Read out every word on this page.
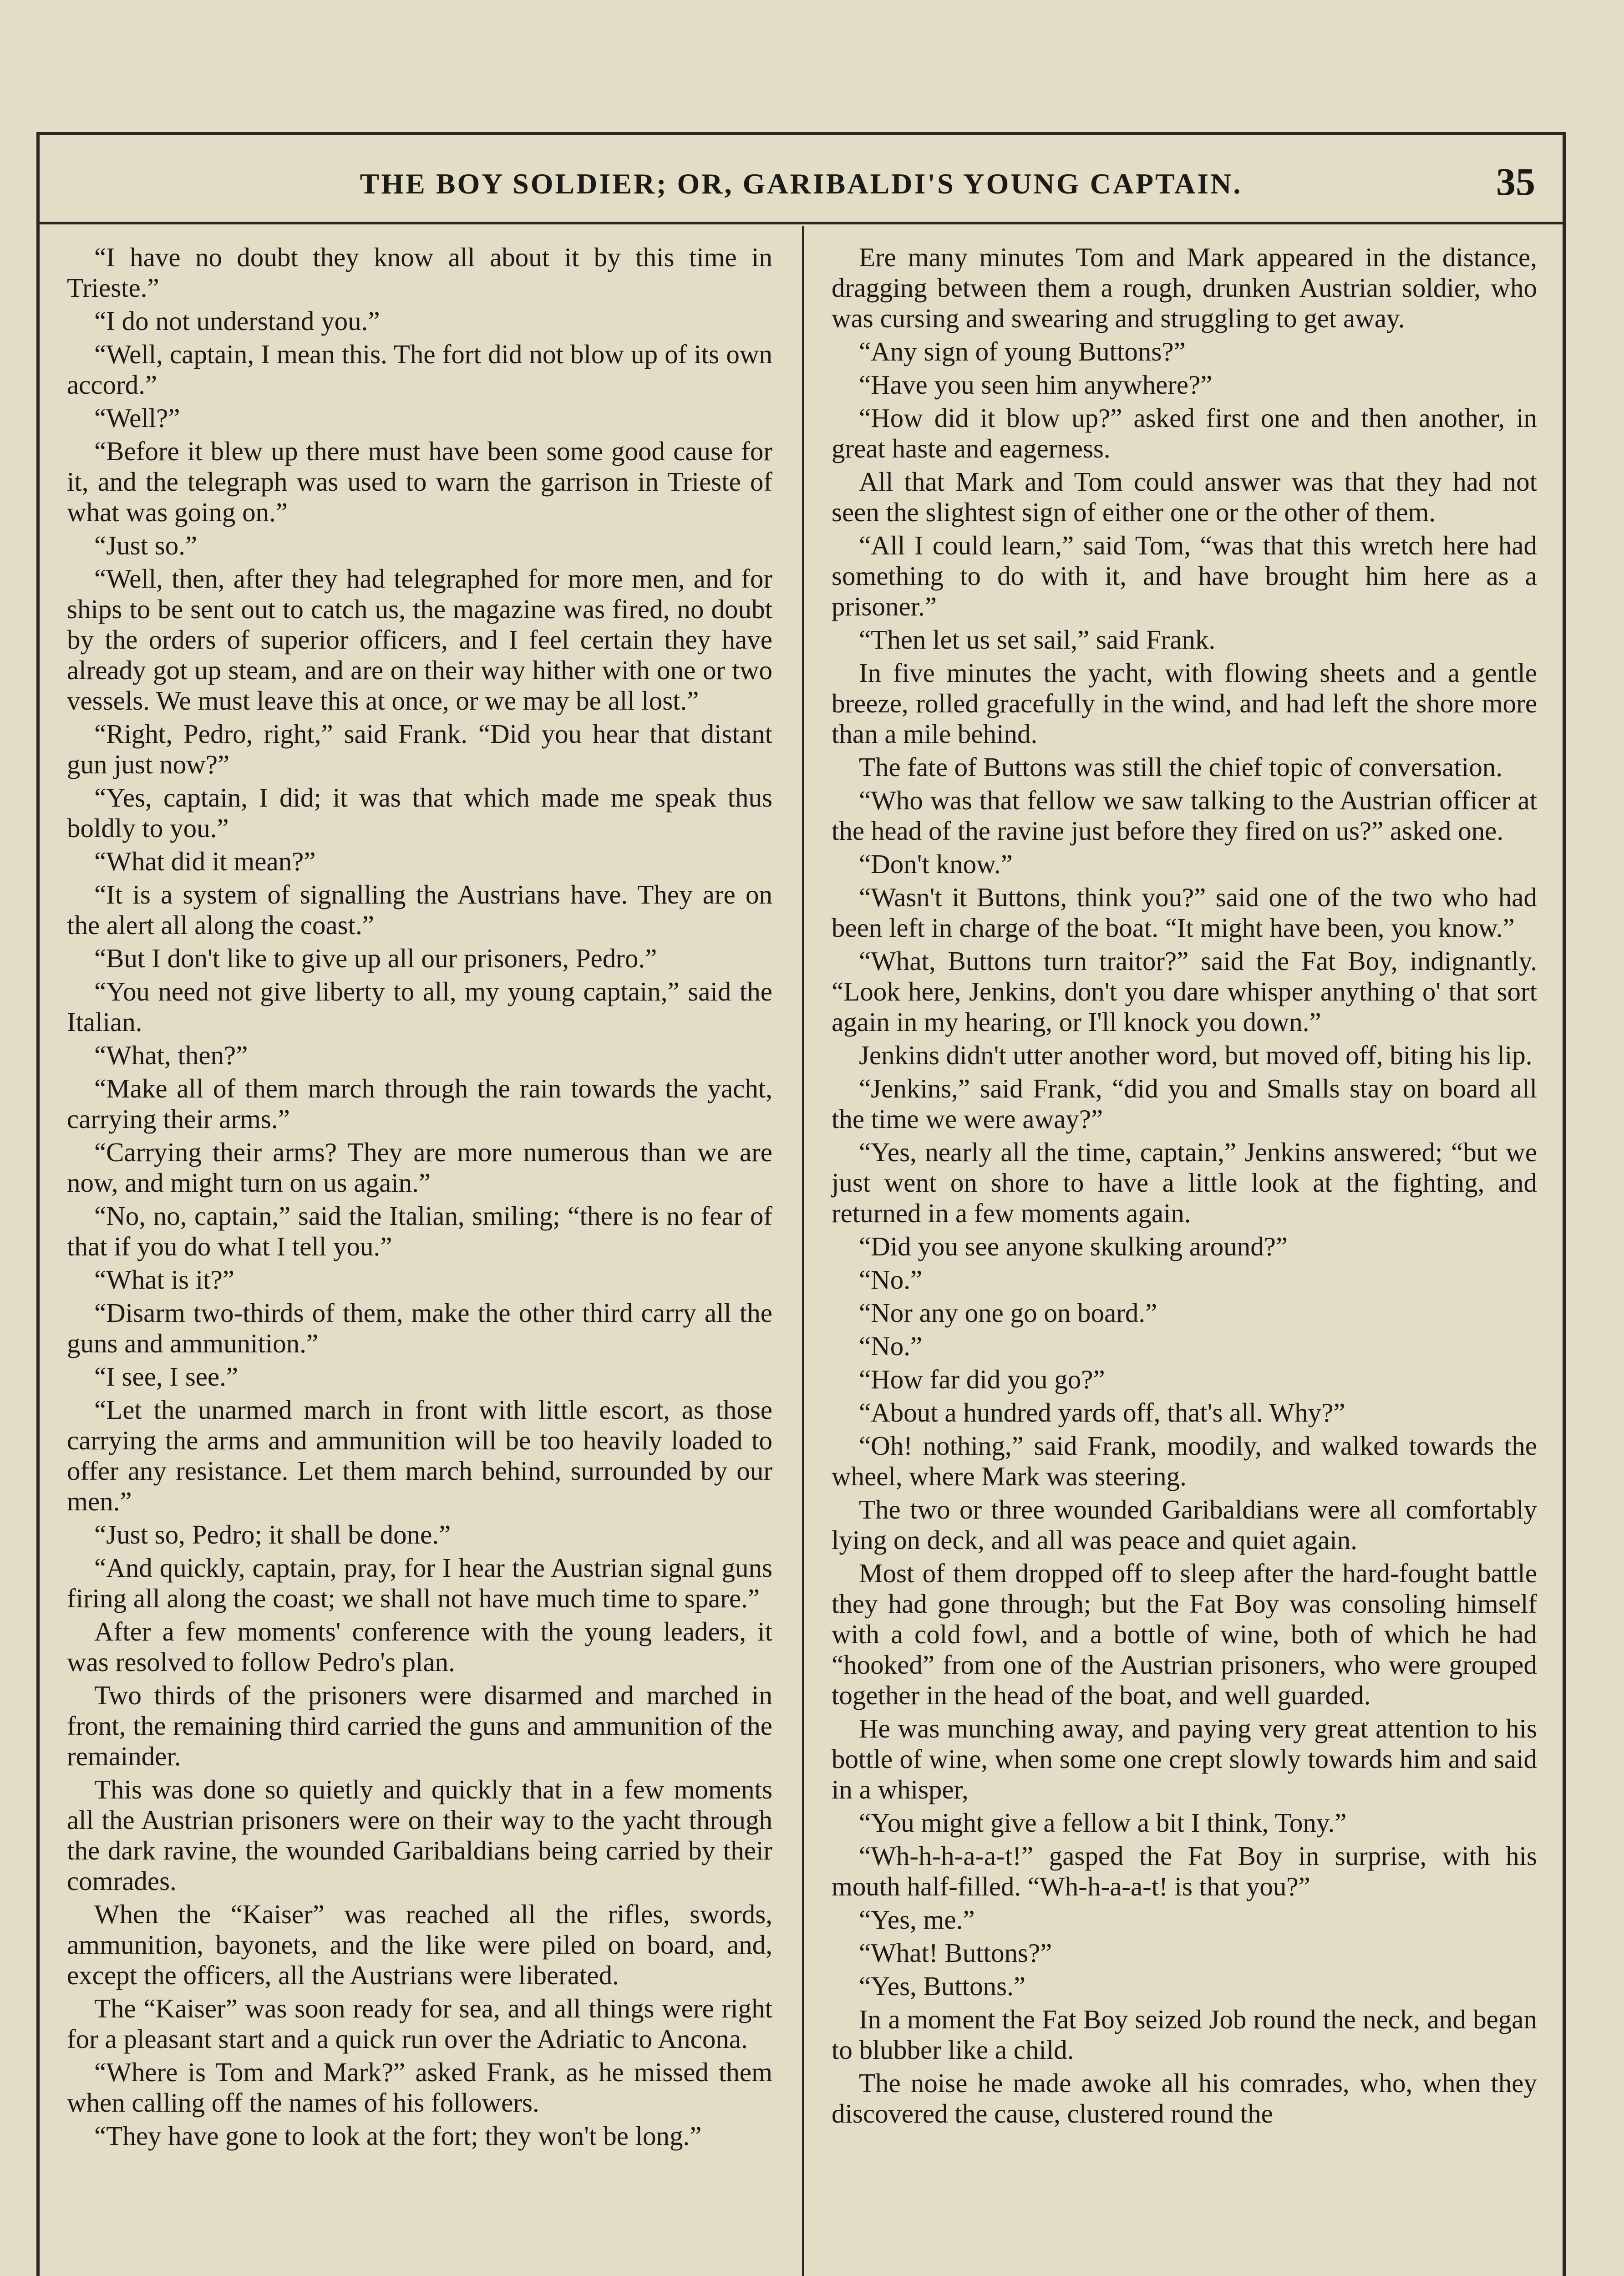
THE BOY SOLDIER; OR, GARIBALDI'S YOUNG CAPTAIN.	35

“I have no doubt they know all about it by this time in Trieste.”

“I do not understand you.”

“Well, captain, I mean this. The fort did not blow up of its own accord.”

“Well?”

“Before it blew up there must have been some good cause for it, and the telegraph was used to warn the garrison in Trieste of what was going on.”

“Just so.”

“Well, then, after they had telegraphed for more men, and for ships to be sent out to catch us, the magazine was fired, no doubt by the orders of superior officers, and I feel certain they have already got up steam, and are on their way hither with one or two vessels. We must leave this at once, or we may be all lost.”

“Right, Pedro, right,” said Frank. “Did you hear that distant gun just now?”

“Yes, captain, I did; it was that which made me speak thus boldly to you.”

“What did it mean?”

“It is a system of signalling the Austrians have. They are on the alert all along the coast.”

“But I don't like to give up all our prisoners, Pedro.”

“You need not give liberty to all, my young captain,” said the Italian.

“What, then?”

“Make all of them march through the rain towards the yacht, carrying their arms.”

“Carrying their arms? They are more numerous than we are now, and might turn on us again.”

“No, no, captain,” said the Italian, smiling; “there is no fear of that if you do what I tell you.”

“What is it?”

“Disarm two-thirds of them, make the other third carry all the guns and ammunition.”

“I see, I see.”

“Let the unarmed march in front with little escort, as those carrying the arms and ammunition will be too heavily loaded to offer any resistance. Let them march behind, surrounded by our men.”

“Just so, Pedro; it shall be done.”

“And quickly, captain, pray, for I hear the Austrian signal guns firing all along the coast; we shall not have much time to spare.”

After a few moments' conference with the young leaders, it was resolved to follow Pedro's plan.

Two thirds of the prisoners were disarmed and marched in front, the remaining third carried the guns and ammunition of the remainder.

This was done so quietly and quickly that in a few moments all the Austrian prisoners were on their way to the yacht through the dark ravine, the wounded Garibaldians being carried by their comrades.

When the “Kaiser” was reached all the rifles, swords, ammunition, bayonets, and the like were piled on board, and, except the officers, all the Austrians were liberated.

The “Kaiser” was soon ready for sea, and all things were right for a pleasant start and a quick run over the Adriatic to Ancona.

“Where is Tom and Mark?” asked Frank, as he missed them when calling off the names of his followers.

“They have gone to look at the fort; they won't be long.”

Ere many minutes Tom and Mark appeared in the distance, dragging between them a rough, drunken Austrian soldier, who was cursing and swearing and struggling to get away.

“Any sign of young Buttons?”

“Have you seen him anywhere?”

“How did it blow up?” asked first one and then another, in great haste and eagerness.

All that Mark and Tom could answer was that they had not seen the slightest sign of either one or the other of them.

“All I could learn,” said Tom, “was that this wretch here had something to do with it, and have brought him here as a prisoner.”

“Then let us set sail,” said Frank.

In five minutes the yacht, with flowing sheets and a gentle breeze, rolled gracefully in the wind, and had left the shore more than a mile behind.

The fate of Buttons was still the chief topic of conversation.

“Who was that fellow we saw talking to the Austrian officer at the head of the ravine just before they fired on us?” asked one.

“Don't know.”

“Wasn't it Buttons, think you?” said one of the two who had been left in charge of the boat. “It might have been, you know.”

“What, Buttons turn traitor?” said the Fat Boy, indignantly. “Look here, Jenkins, don't you dare whisper anything o' that sort again in my hearing, or I'll knock you down.”

Jenkins didn't utter another word, but moved off, biting his lip.

“Jenkins,” said Frank, “did you and Smalls stay on board all the time we were away?”

“Yes, nearly all the time, captain,” Jenkins answered; “but we just went on shore to have a little look at the fighting, and returned in a few moments again.

“Did you see anyone skulking around?”

“No.”

“Nor any one go on board.”

“No.”

“How far did you go?”

“About a hundred yards off, that's all. Why?”

“Oh! nothing,” said Frank, moodily, and walked towards the wheel, where Mark was steering.

The two or three wounded Garibaldians were all comfortably lying on deck, and all was peace and quiet again.

Most of them dropped off to sleep after the hard-fought battle they had gone through; but the Fat Boy was consoling himself with a cold fowl, and a bottle of wine, both of which he had “hooked” from one of the Austrian prisoners, who were grouped together in the head of the boat, and well guarded.

He was munching away, and paying very great attention to his bottle of wine, when some one crept slowly towards him and said in a whisper,

“You might give a fellow a bit I think, Tony.”

“Wh-h-h-a-a-t!” gasped the Fat Boy in surprise, with his mouth half-filled. “Wh-h-a-a-t! is that you?”

“Yes, me.”

“What! Buttons?”

“Yes, Buttons.”

In a moment the Fat Boy seized Job round the neck, and began to blubber like a child.

The noise he made awoke all his comrades, who, when they discovered the cause, clustered round the
